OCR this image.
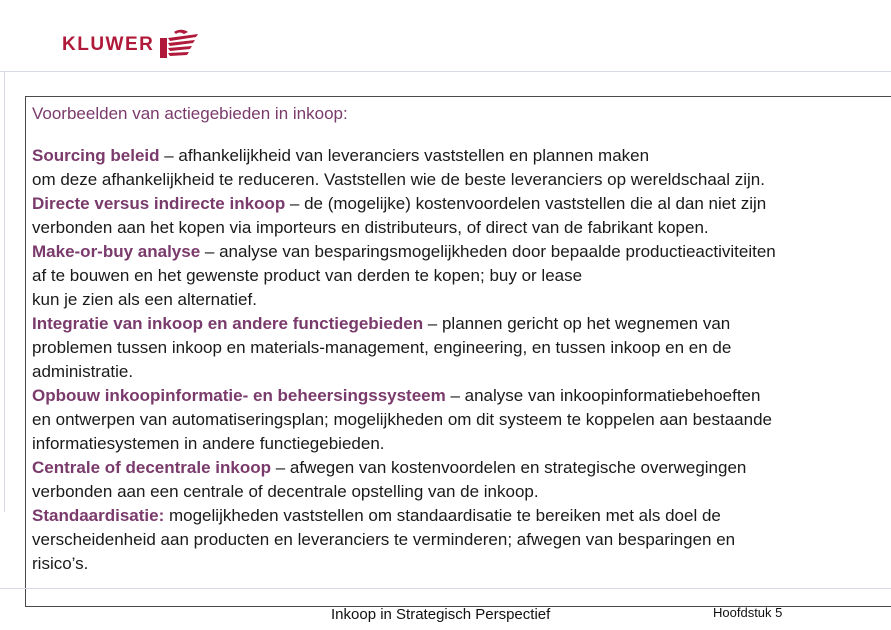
KLUWER
Voorbeelden van actiegebieden in inkoop:
Sourcing beleid – afhankelijkheid van leveranciers vaststellen en plannen maken
om deze afhankelijkheid te reduceren. Vaststellen wie de beste leveranciers op wereldschaal zijn.
Directe versus indirecte inkoop – de (mogelijke) kostenvoordelen vaststellen die al dan niet zijn
verbonden aan het kopen via importeurs en distributeurs, of direct van de fabrikant kopen.
Make-or-buy analyse – analyse van besparingsmogelijkheden door bepaalde productieactiviteiten
af te bouwen en het gewenste product van derden te kopen; buy or lease
kun je zien als een alternatief.
Integratie van inkoop en andere functiegebieden – plannen gericht op het wegnemen van
problemen tussen inkoop en materials-management, engineering, en tussen inkoop en en de
administratie.
Opbouw inkoopinformatie- en beheersingssysteem – analyse van inkoopinformatiebehoeften
en ontwerpen van automatiseringsplan; mogelijkheden om dit systeem te koppelen aan bestaande
informatiesystemen in andere functiegebieden.
Centrale of decentrale inkoop – afwegen van kostenvoordelen en strategische overwegingen
verbonden aan een centrale of decentrale opstelling van de inkoop.
Standaardisatie: mogelijkheden vaststellen om standaardisatie te bereiken met als doel de
verscheidenheid aan producten en leveranciers te verminderen; afwegen van besparingen en
risico’s.
Inkoop in Strategisch Perspectief	Hoofdstuk 5
